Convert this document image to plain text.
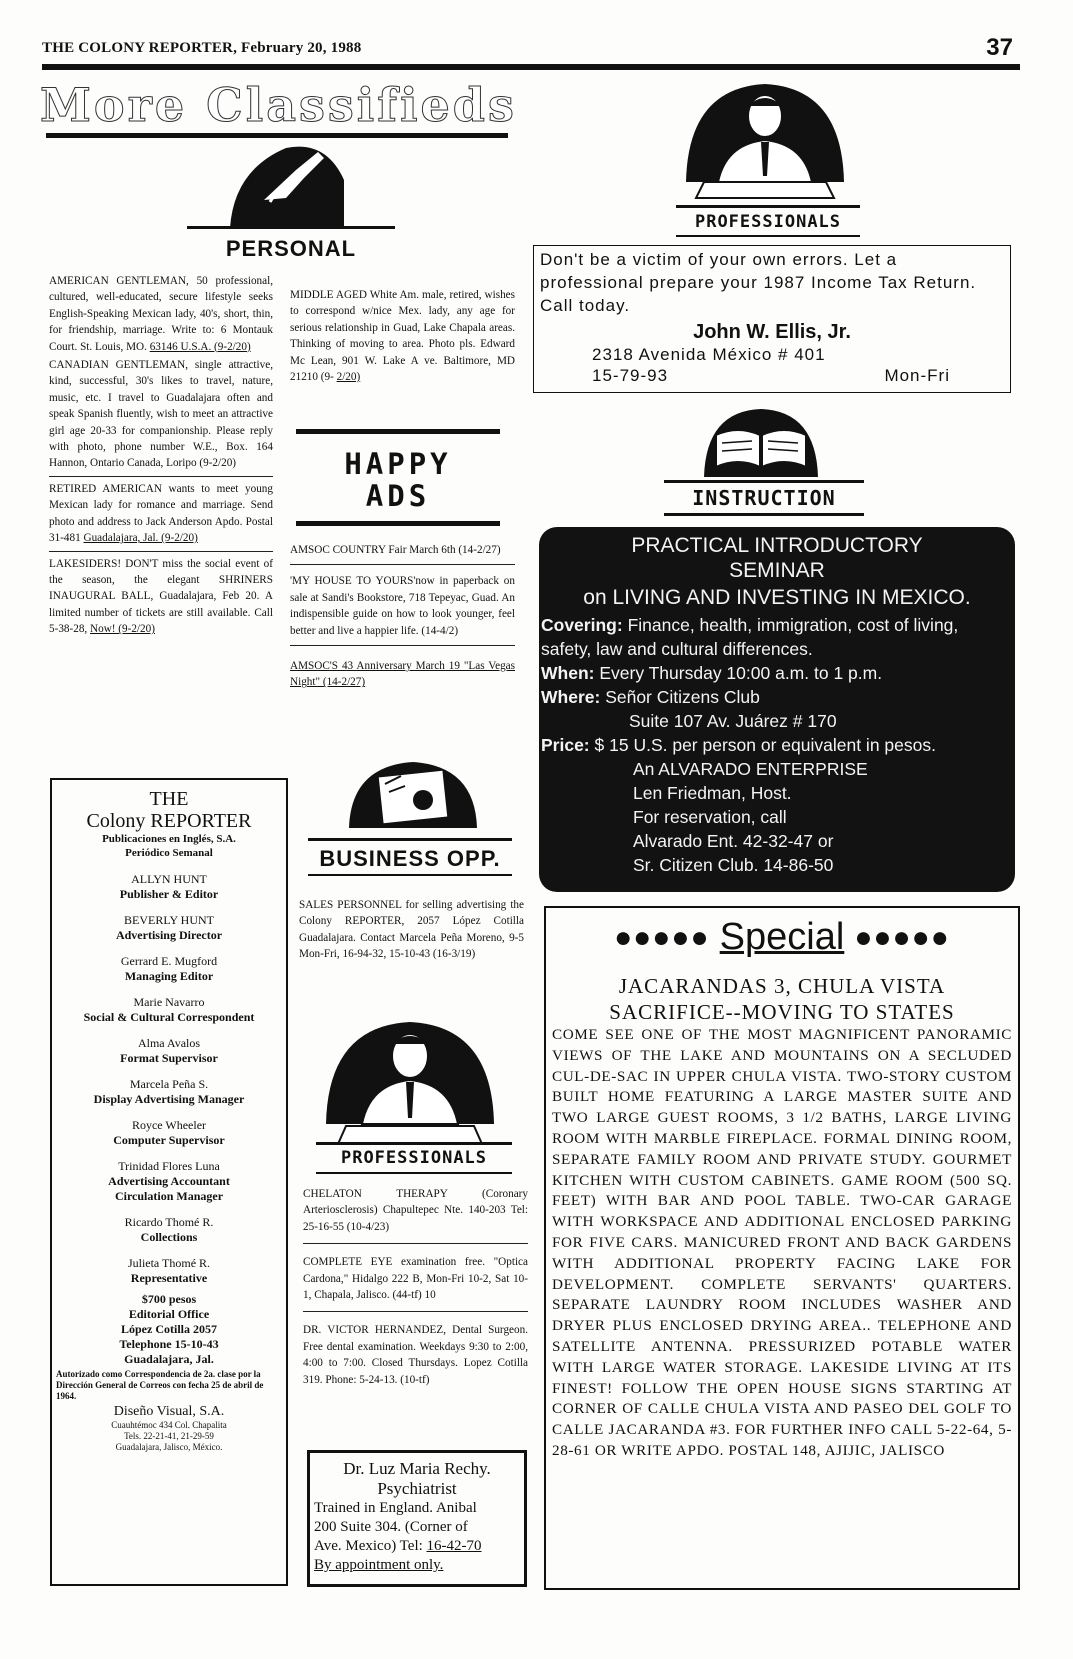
THE COLONY REPORTER, February 20, 1988	37
More Classifieds
PERSONAL
AMERICAN GENTLEMAN, 50 professional, cultured, well-educated, secure lifestyle seeks English-Speaking Mexican lady, 40's, short, thin, for friendship, marriage. Write to: 6 Montauk Court. St. Louis, MO. 63146 U.S.A. (9-2/20)
CANADIAN GENTLEMAN, single attractive, kind, successful, 30's likes to travel, nature, music, etc. I travel to Guadalajara often and speak Spanish fluently, wish to meet an attractive girl age 20-33 for companionship. Please reply with photo, phone number W.E., Box. 164 Hannon, Ontario Canada, Loripo (9-2/20)
RETIRED AMERICAN wants to meet young Mexican lady for romance and marriage. Send photo and address to Jack Anderson Apdo. Postal 31-481 Guadalajara, Jal. (9-2/20)
LAKESIDERS! DON'T miss the social event of the season, the elegant SHRINERS INAUGURAL BALL, Guadalajara, Feb 20. A limited number of tickets are still available. Call 5-38-28, Now! (9-2/20)
MIDDLE AGED White Am. male, retired, wishes to correspond w/nice Mex. lady, any age for serious relationship in Guad, Lake Chapala areas. Thinking of moving to area. Photo pls. Edward Mc Lean, 901 W. Lake A ve. Baltimore, MD 21210 (9- 2/20)
HAPPY
ADS
AMSOC COUNTRY Fair March 6th (14-2/27)
'MY HOUSE TO YOURS'now in paperback on sale at Sandi's Bookstore, 718 Tepeyac, Guad. An indispensible guide on how to look younger, feel better and live a happier life. (14-4/2)
AMSOC'S 43 Anniversary March 19 "Las Vegas Night" (14-2/27)
BUSINESS OPP.
SALES PERSONNEL for selling advertising the Colony REPORTER, 2057 López Cotilla Guadalajara. Contact Marcela Peña Moreno, 9-5 Mon-Fri, 16-94-32, 15-10-43 (16-3/19)
PROFESSIONALS
CHELATON THERAPY (Coronary Arteriosclerosis) Chapultepec Nte. 140-203 Tel: 25-16-55 (10-4/23)
COMPLETE EYE examination free. "Optica Cardona," Hidalgo 222 B, Mon-Fri 10-2, Sat 10-1, Chapala, Jalisco. (44-tf) 10
DR. VICTOR HERNANDEZ, Dental Surgeon. Free dental examination. Weekdays 9:30 to 2:00, 4:00 to 7:00. Closed Thursdays. Lopez Cotilla 319. Phone: 5-24-13. (10-tf)
Dr. Luz Maria Rechy.
Psychiatrist
Trained in England. Anibal
200 Suite 304. (Corner of
Ave. Mexico) Tel: 16-42-70
By appointment only.
THE
Colony REPORTER
Publicaciones en Inglés, S.A.
Periódico Semanal
ALLYN HUNT
Publisher & Editor
BEVERLY HUNT
Advertising Director
Gerrard E. Mugford
Managing Editor
Marie Navarro
Social & Cultural Correspondent
Alma Avalos
Format Supervisor
Marcela Peña S.
Display Advertising Manager
Royce Wheeler
Computer Supervisor
Trinidad Flores Luna
Advertising Accountant Circulation Manager
Ricardo Thomé R.
Collections
Julieta Thomé R.
Representative
$700 pesos
Editorial Office
López Cotilla 2057
Telephone 15-10-43
Guadalajara, Jal.
Autorizado como Correspondencia de 2a. clase por la Dirección General de Correos con fecha 25 de abril de 1964.
Diseño Visual, S.A.
Cuauhtémoc 434 Col. Chapalita
Tels. 22-21-41, 21-29-59
Guadalajara, Jalisco, México.
PROFESSIONALS
Don't be a victim of your own errors. Let a professional prepare your 1987 Income Tax Return. Call today.
John W. Ellis, Jr.
2318 Avenida México # 401
15-79-93	Mon-Fri
INSTRUCTION
PRACTICAL INTRODUCTORY
SEMINAR
on LIVING AND INVESTING IN MEXICO.
Covering: Finance, health, immigration, cost of living, safety, law and cultural differences.
When: Every Thursday 10:00 a.m. to 1 p.m.
Where: Señor Citizens Club
Suite 107 Av. Juárez # 170
Price: $ 15 U.S. per person or equivalent in pesos.
An ALVARADO ENTERPRISE
Len Friedman, Host.
For reservation, call
Alvarado Ent. 42-32-47 or
Sr. Citizen Club. 14-86-50
●●●●● Special ●●●●●
JACARANDAS 3, CHULA VISTA
SACRIFICE--MOVING TO STATES
COME SEE ONE OF THE MOST MAGNIFICENT PANORAMIC VIEWS OF THE LAKE AND MOUNTAINS ON A SECLUDED CUL-DE-SAC IN UPPER CHULA VISTA. TWO-STORY CUSTOM BUILT HOME FEATURING A LARGE MASTER SUITE AND TWO LARGE GUEST ROOMS, 3 1/2 BATHS, LARGE LIVING ROOM WITH MARBLE FIREPLACE. FORMAL DINING ROOM, SEPARATE FAMILY ROOM AND PRIVATE STUDY. GOURMET KITCHEN WITH CUSTOM CABINETS. GAME ROOM (500 SQ. FEET) WITH BAR AND POOL TABLE. TWO-CAR GARAGE WITH WORKSPACE AND ADDITIONAL ENCLOSED PARKING FOR FIVE CARS. MANICURED FRONT AND BACK GARDENS WITH ADDITIONAL PROPERTY FACING LAKE FOR DEVELOPMENT. COMPLETE SERVANTS' QUARTERS. SEPARATE LAUNDRY ROOM INCLUDES WASHER AND DRYER PLUS ENCLOSED DRYING AREA.. TELEPHONE AND SATELLITE ANTENNA. PRESSURIZED POTABLE WATER WITH LARGE WATER STORAGE. LAKESIDE LIVING AT ITS FINEST! FOLLOW THE OPEN HOUSE SIGNS STARTING AT CORNER OF CALLE CHULA VISTA AND PASEO DEL GOLF TO CALLE JACARANDA #3. FOR FURTHER INFO CALL 5-22-64, 5-28-61 OR WRITE APDO. POSTAL 148, AJIJIC, JALISCO
